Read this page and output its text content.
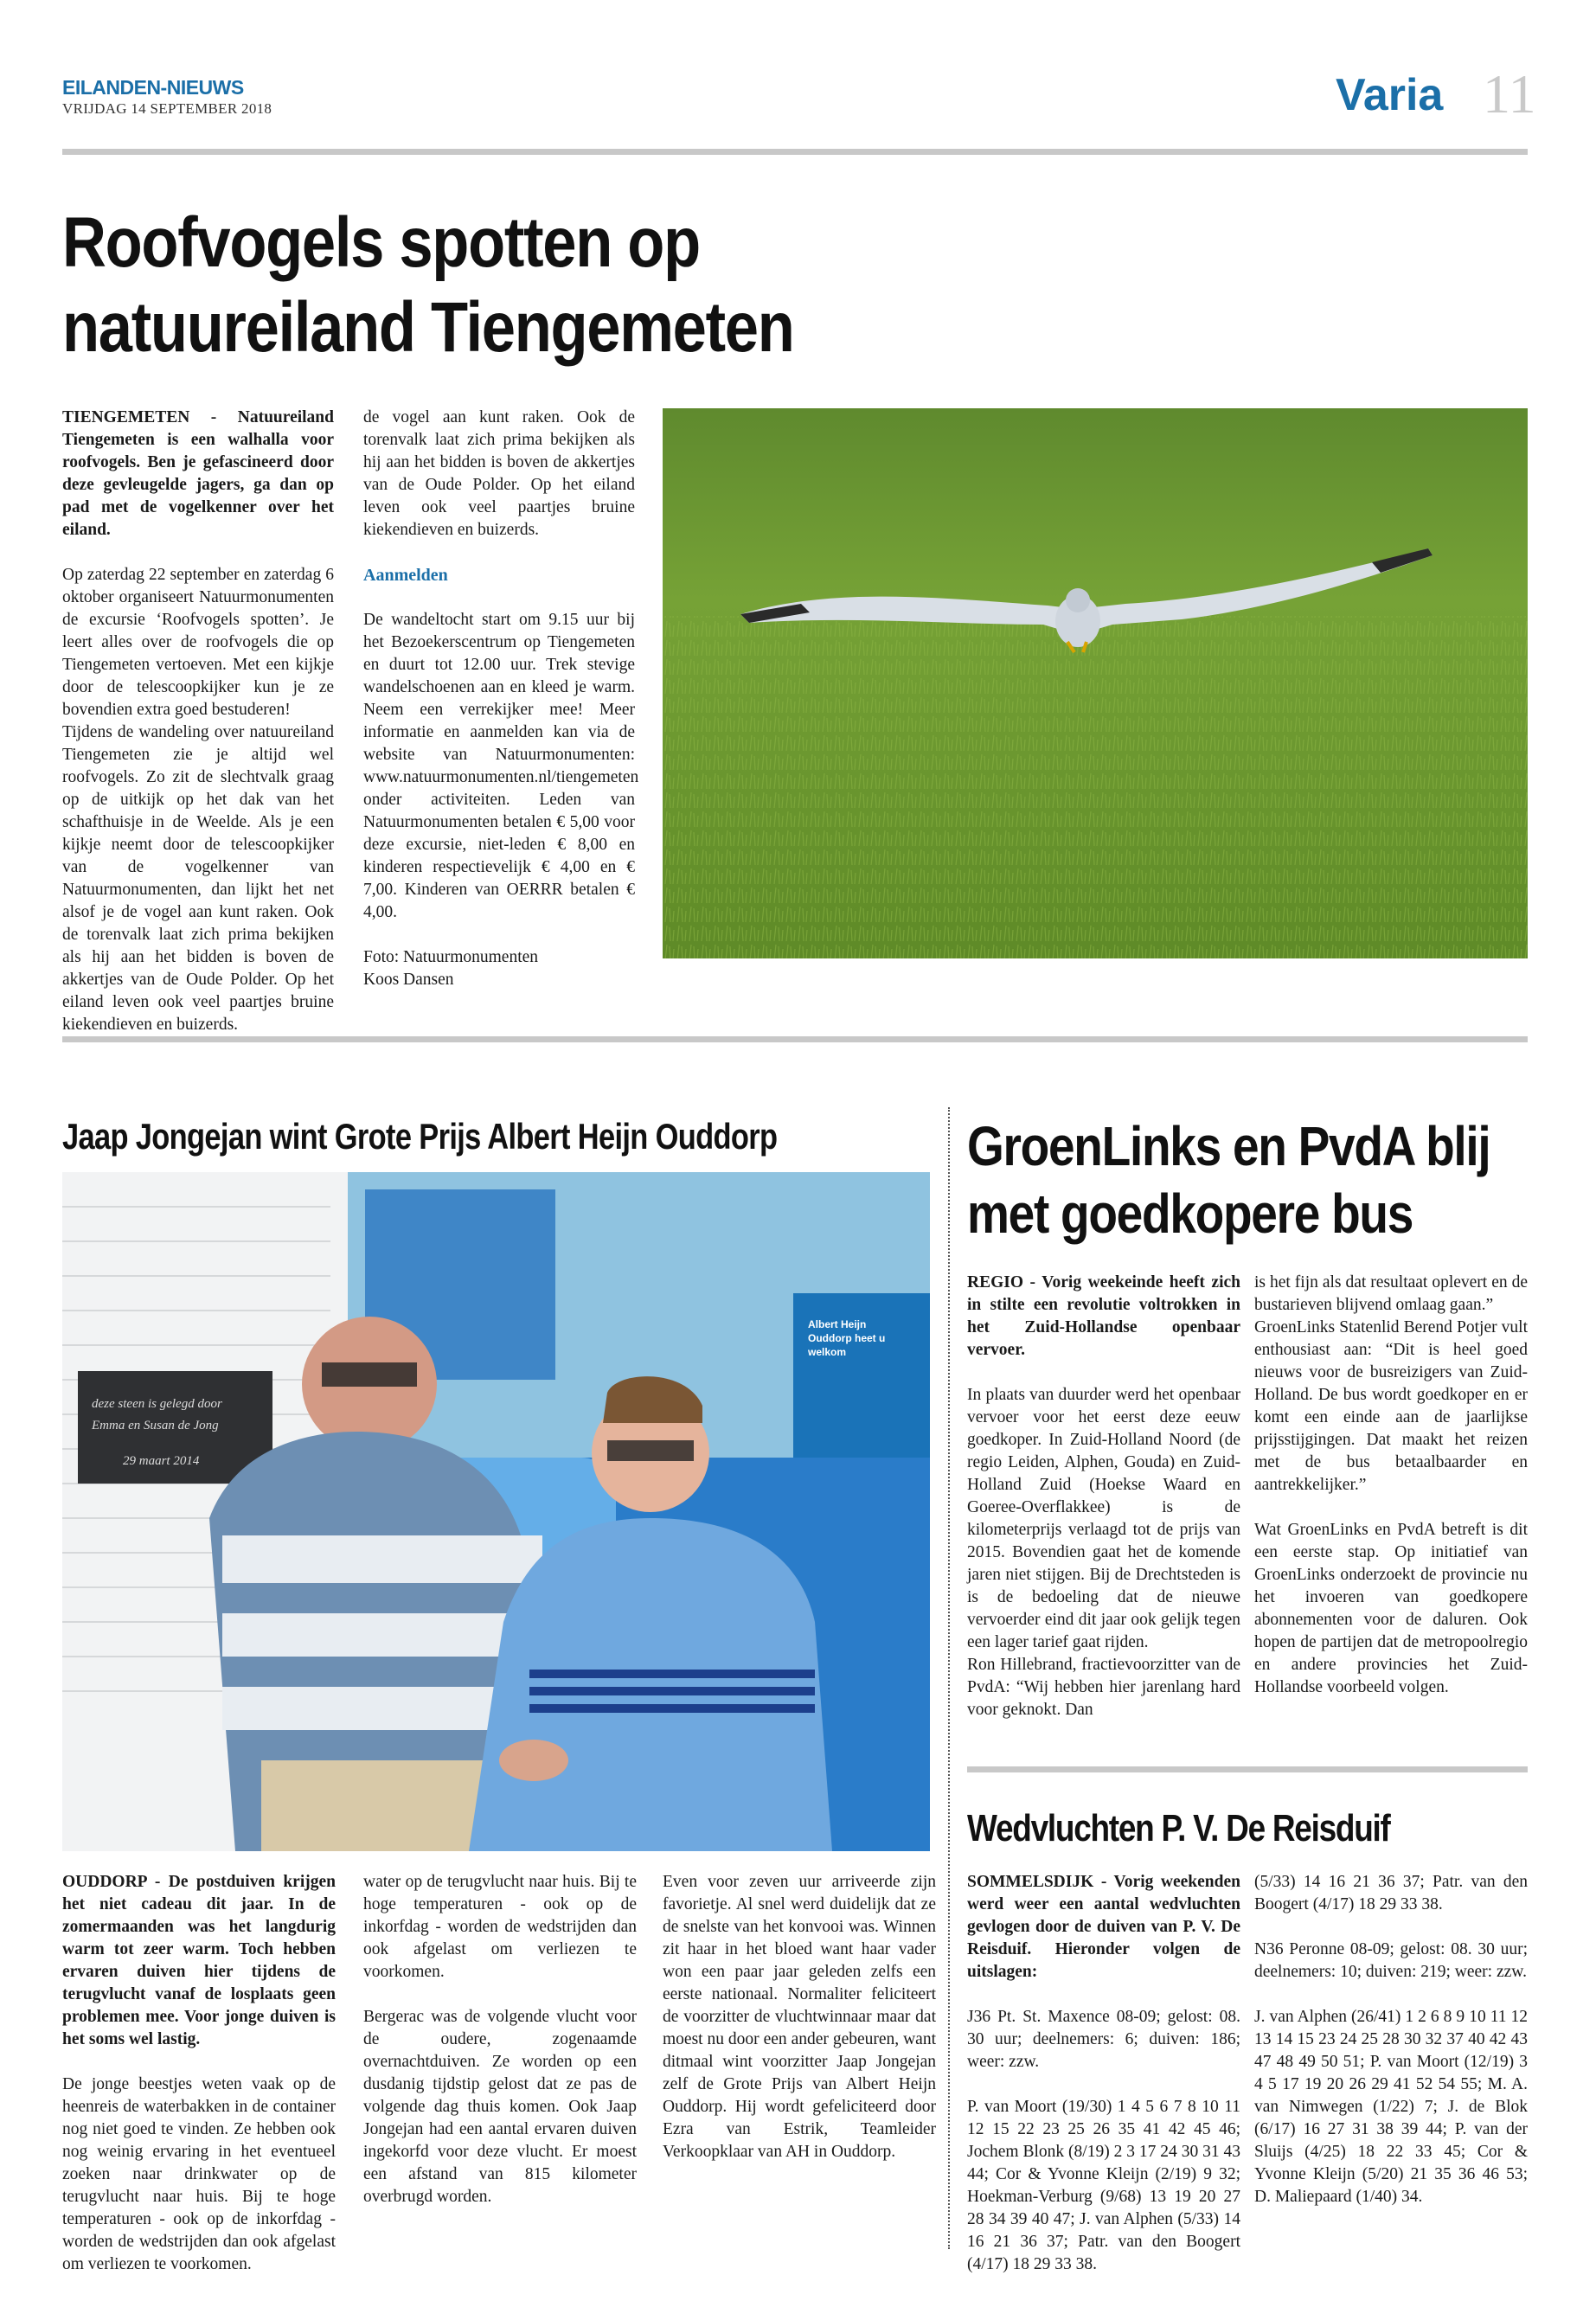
EILANDEN-NIEUWS
VRIJDAG 14 SEPTEMBER 2018	Varia 11
Roofvogels spotten op
natuureiland Tiengemeten

TIENGEMETEN - Natuureiland Tiengemeten is een walhalla voor roofvogels. Ben je gefascineerd door deze gevleugelde jagers, ga dan op pad met de vogelkenner over het eiland.

Op zaterdag 22 september en zaterdag 6 oktober organiseert Natuurmonumenten de excursie ‘Roofvogels spotten’. Je leert alles over de roofvogels die op Tiengemeten vertoeven. Met een kijkje door de telescoopkijker kun je ze bovendien extra goed bestuderen!

Tijdens de wandeling over natuureiland Tiengemeten zie je altijd wel roofvogels. Zo zit de slechtvalk graag op de uitkijk op het dak van het schafthuisje in de Weelde. Als je een kijkje neemt door de telescoopkijker van de vogelkenner van Natuurmonumenten, dan lijkt het net alsof je de vogel aan kunt raken. Ook de torenvalk laat zich prima bekijken als hij aan het bidden is boven de akkertjes van de Oude Polder. Op het eiland leven ook veel paartjes bruine kiekendieven en buizerds.

de vogel aan kunt raken. Ook de torenvalk laat zich prima bekijken als hij aan het bidden is boven de akkertjes van de Oude Polder. Op het eiland leven ook veel paartjes bruine kiekendieven en buizerds.

Aanmelden

De wandeltocht start om 9.15 uur bij het Bezoekerscentrum op Tiengemeten en duurt tot 12.00 uur. Trek stevige wandelschoenen aan en kleed je warm. Neem een verrekijker mee! Meer informatie en aanmelden kan via de website van Natuurmonumenten: www.natuurmonumenten.nl/tiengemeten onder activiteiten. Leden van Natuurmonumenten betalen € 5,00 voor deze excursie, niet-leden € 8,00 en kinderen respectievelijk € 4,00 en € 7,00. Kinderen van OERRR betalen € 4,00.

Foto: Natuurmonumenten
Koos Dansen
Jaap Jongejan wint Grote Prijs Albert Heijn Ouddorp
deze steen is gelegd door
Emma en Susan de Jong
29 maart 2014
Albert Heijn
Ouddorp heet u
welkom

OUDDORP - De postduiven krijgen het niet cadeau dit jaar. In de zomermaanden was het langdurig warm tot zeer warm. Toch hebben ervaren duiven hier tijdens de terugvlucht vanaf de losplaats geen problemen mee. Voor jonge duiven is het soms wel lastig.

De jonge beestjes weten vaak op de heenreis de waterbakken in de container nog niet goed te vinden. Ze hebben ook nog weinig ervaring in het eventueel zoeken naar drinkwater op de terugvlucht naar huis. Bij te hoge temperaturen - ook op de inkorfdag - worden de wedstrijden dan ook afgelast om verliezen te voorkomen.

water op de terugvlucht naar huis. Bij te hoge temperaturen - ook op de inkorfdag - worden de wedstrijden dan ook afgelast om verliezen te voorkomen.

Bergerac was de volgende vlucht voor de oudere, zogenaamde overnachtduiven. Ze worden op een dusdanig tijdstip gelost dat ze pas de volgende dag thuis komen. Ook Jaap Jongejan had een aantal ervaren duiven ingekorfd voor deze vlucht. Er moest een afstand van 815 kilometer overbrugd worden.

Even voor zeven uur arriveerde zijn favorietje. Al snel werd duidelijk dat ze de snelste van het konvooi was. Winnen zit haar in het bloed want haar vader won een paar jaar geleden zelfs een eerste nationaal. Normaliter feliciteert de voorzitter de vluchtwinnaar maar dat moest nu door een ander gebeuren, want ditmaal wint voorzitter Jaap Jongejan zelf de Grote Prijs van Albert Heijn Ouddorp. Hij wordt gefeliciteerd door Ezra van Estrik, Teamleider Verkoopklaar van AH in Ouddorp.

GroenLinks en PvdA blij
met goedkopere bus

REGIO - Vorig weekeinde heeft zich in stilte een revolutie voltrokken in het Zuid-Hollandse openbaar vervoer.

In plaats van duurder werd het openbaar vervoer voor het eerst deze eeuw goedkoper. In Zuid-Holland Noord (de regio Leiden, Alphen, Gouda) en Zuid-Holland Zuid (Hoekse Waard en Goeree-Overflakkee) is de kilometerprijs verlaagd tot de prijs van 2015. Bovendien gaat het de komende jaren niet stijgen. Bij de Drechtsteden is is de bedoeling dat de nieuwe vervoerder eind dit jaar ook gelijk tegen een lager tarief gaat rijden.

Ron Hillebrand, fractievoorzitter van de PvdA: “Wij hebben hier jarenlang hard voor geknokt. Dan

is het fijn als dat resultaat oplevert en de bustarieven blijvend omlaag gaan.”

GroenLinks Statenlid Berend Potjer vult enthousiast aan: “Dit is heel goed nieuws voor de busreizigers van Zuid-Holland. De bus wordt goedkoper en er komt een einde aan de jaarlijkse prijsstijgingen. Dat maakt het reizen met de bus betaalbaarder en aantrekkelijker.”

Wat GroenLinks en PvdA betreft is dit een eerste stap. Op initiatief van GroenLinks onderzoekt de provincie nu het invoeren van goedkopere abonnementen voor de daluren. Ook hopen de partijen dat de metropoolregio en andere provincies het Zuid-Hollandse voorbeeld volgen.

Wedvluchten P. V. De Reisduif

SOMMELSDIJK - Vorig weekenden werd weer een aantal wedvluchten gevlogen door de duiven van P. V. De Reisduif. Hieronder volgen de uitslagen:

J36 Pt. St. Maxence 08-09; gelost: 08. 30 uur; deelnemers: 6; duiven: 186; weer: zzw.

P. van Moort (19/30) 1 4 5 6 7 8 10 11 12 15 22 23 25 26 35 41 42 45 46; Jochem Blonk (8/19) 2 3 17 24 30 31 43 44; Cor & Yvonne Kleijn (2/19) 9 32; Hoekman-Verburg (9/68) 13 19 20 27 28 34 39 40 47; J. van Alphen (5/33) 14 16 21 36 37; Patr. van den Boogert (4/17) 18 29 33 38.

(5/33) 14 16 21 36 37; Patr. van den Boogert (4/17) 18 29 33 38.

N36 Peronne 08-09; gelost: 08. 30 uur; deelnemers: 10; duiven: 219; weer: zzw.

J. van Alphen (26/41) 1 2 6 8 9 10 11 12 13 14 15 23 24 25 28 30 32 37 40 42 43 47 48 49 50 51; P. van Moort (12/19) 3 4 5 17 19 20 26 29 41 52 54 55; M. A. van Nimwegen (1/22) 7; J. de Blok (6/17) 16 27 31 38 39 44; P. van der Sluijs (4/25) 18 22 33 45; Cor & Yvonne Kleijn (5/20) 21 35 36 46 53; D. Maliepaard (1/40) 34.
